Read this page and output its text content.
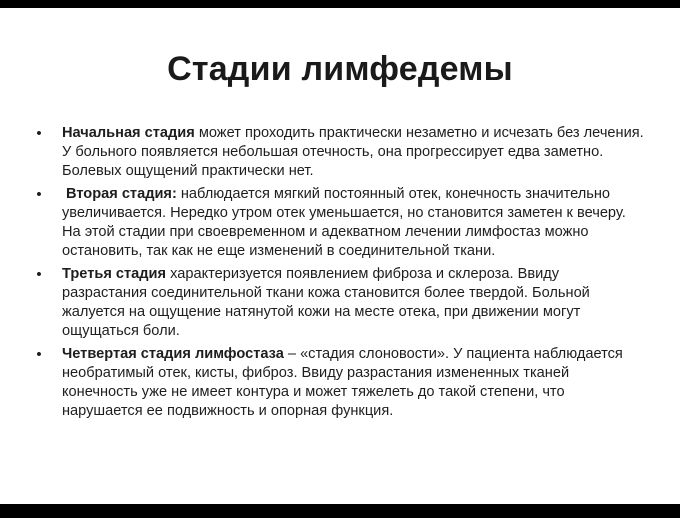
Стадии лимфедемы
• Начальная стадия может проходить практически незаметно и исчезать без лечения. У больного появляется небольшая отечность, она прогрессирует едва заметно. Болевых ощущений практически нет.
• Вторая стадия: наблюдается мягкий постоянный отек, конечность значительно увеличивается. Нередко утром отек уменьшается, но становится заметен к вечеру. На этой стадии при своевременном и адекватном лечении лимфостаз можно остановить, так как не еще изменений в соединительной ткани.
• Третья стадия характеризуется появлением фиброза и склероза. Ввиду разрастания соединительной ткани кожа становится более твердой. Больной жалуется на ощущение натянутой кожи на месте отека, при движении могут ощущаться боли.
• Четвертая стадия лимфостаза – «стадия слоновости». У пациента наблюдается необратимый отек, кисты, фиброз. Ввиду разрастания измененных тканей конечность уже не имеет контура и может тяжелеть до такой степени, что нарушается ее подвижность и опорная функция.
